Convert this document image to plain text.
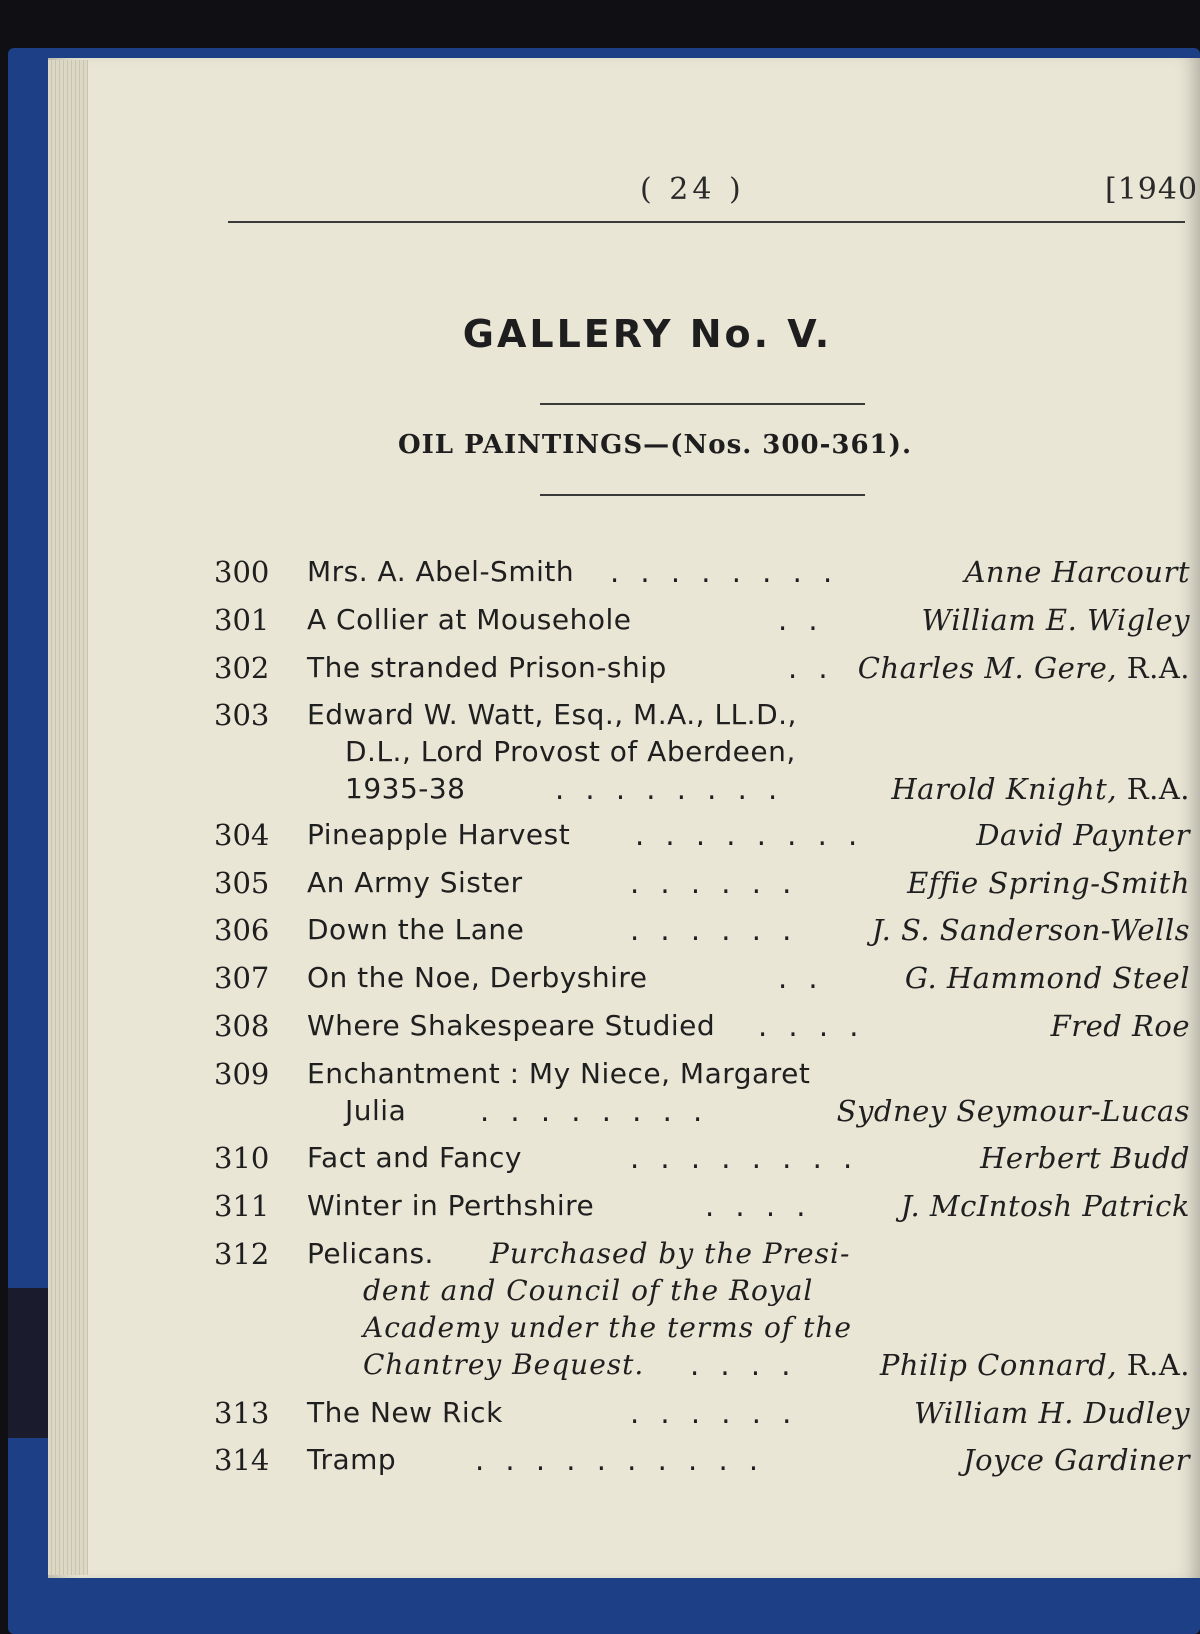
( 24 )	[1940
GALLERY No. V.
OIL PAINTINGS—(Nos. 300-361).
300 Mrs. A. Abel-Smith . . . . . . . .	Anne Harcourt
301 A Collier at Mousehole	. .	William E. Wigley
302 The stranded Prison-ship	. . Charles M. Gere, R.A.
303 Edward W. Watt, Esq., M.A., LL.D.,
D.L., Lord Provost of Aberdeen,
1935-38	. . . . . . . .	Harold Knight, R.A.
304 Pineapple Harvest . . . . . . . .	David Paynter
305 An Army Sister	. . . . . .	Effie Spring-Smith
306 Down the Lane	. . . . . .	J. S. Sanderson-Wells
307 On the Noe, Derbyshire	. .	G. Hammond Steel
308 Where Shakespeare Studied . . . .	Fred Roe
309 Enchantment : My Niece, Margaret
Julia	. . . . . . . .	Sydney Seymour-Lucas
310 Fact and Fancy	. . . . . . . .	Herbert Budd
311 Winter in Perthshire	. . . .	J. McIntosh Patrick
312 Pelicans. Purchased by the Presi-
dent and Council of the Royal
Academy under the terms of the
Chantrey Bequest. . . . .	Philip Connard, R.A.
313 The New Rick	. . . . . .	William H. Dudley
314 Tramp	. . . . . . . . . .	Joyce Gardiner
